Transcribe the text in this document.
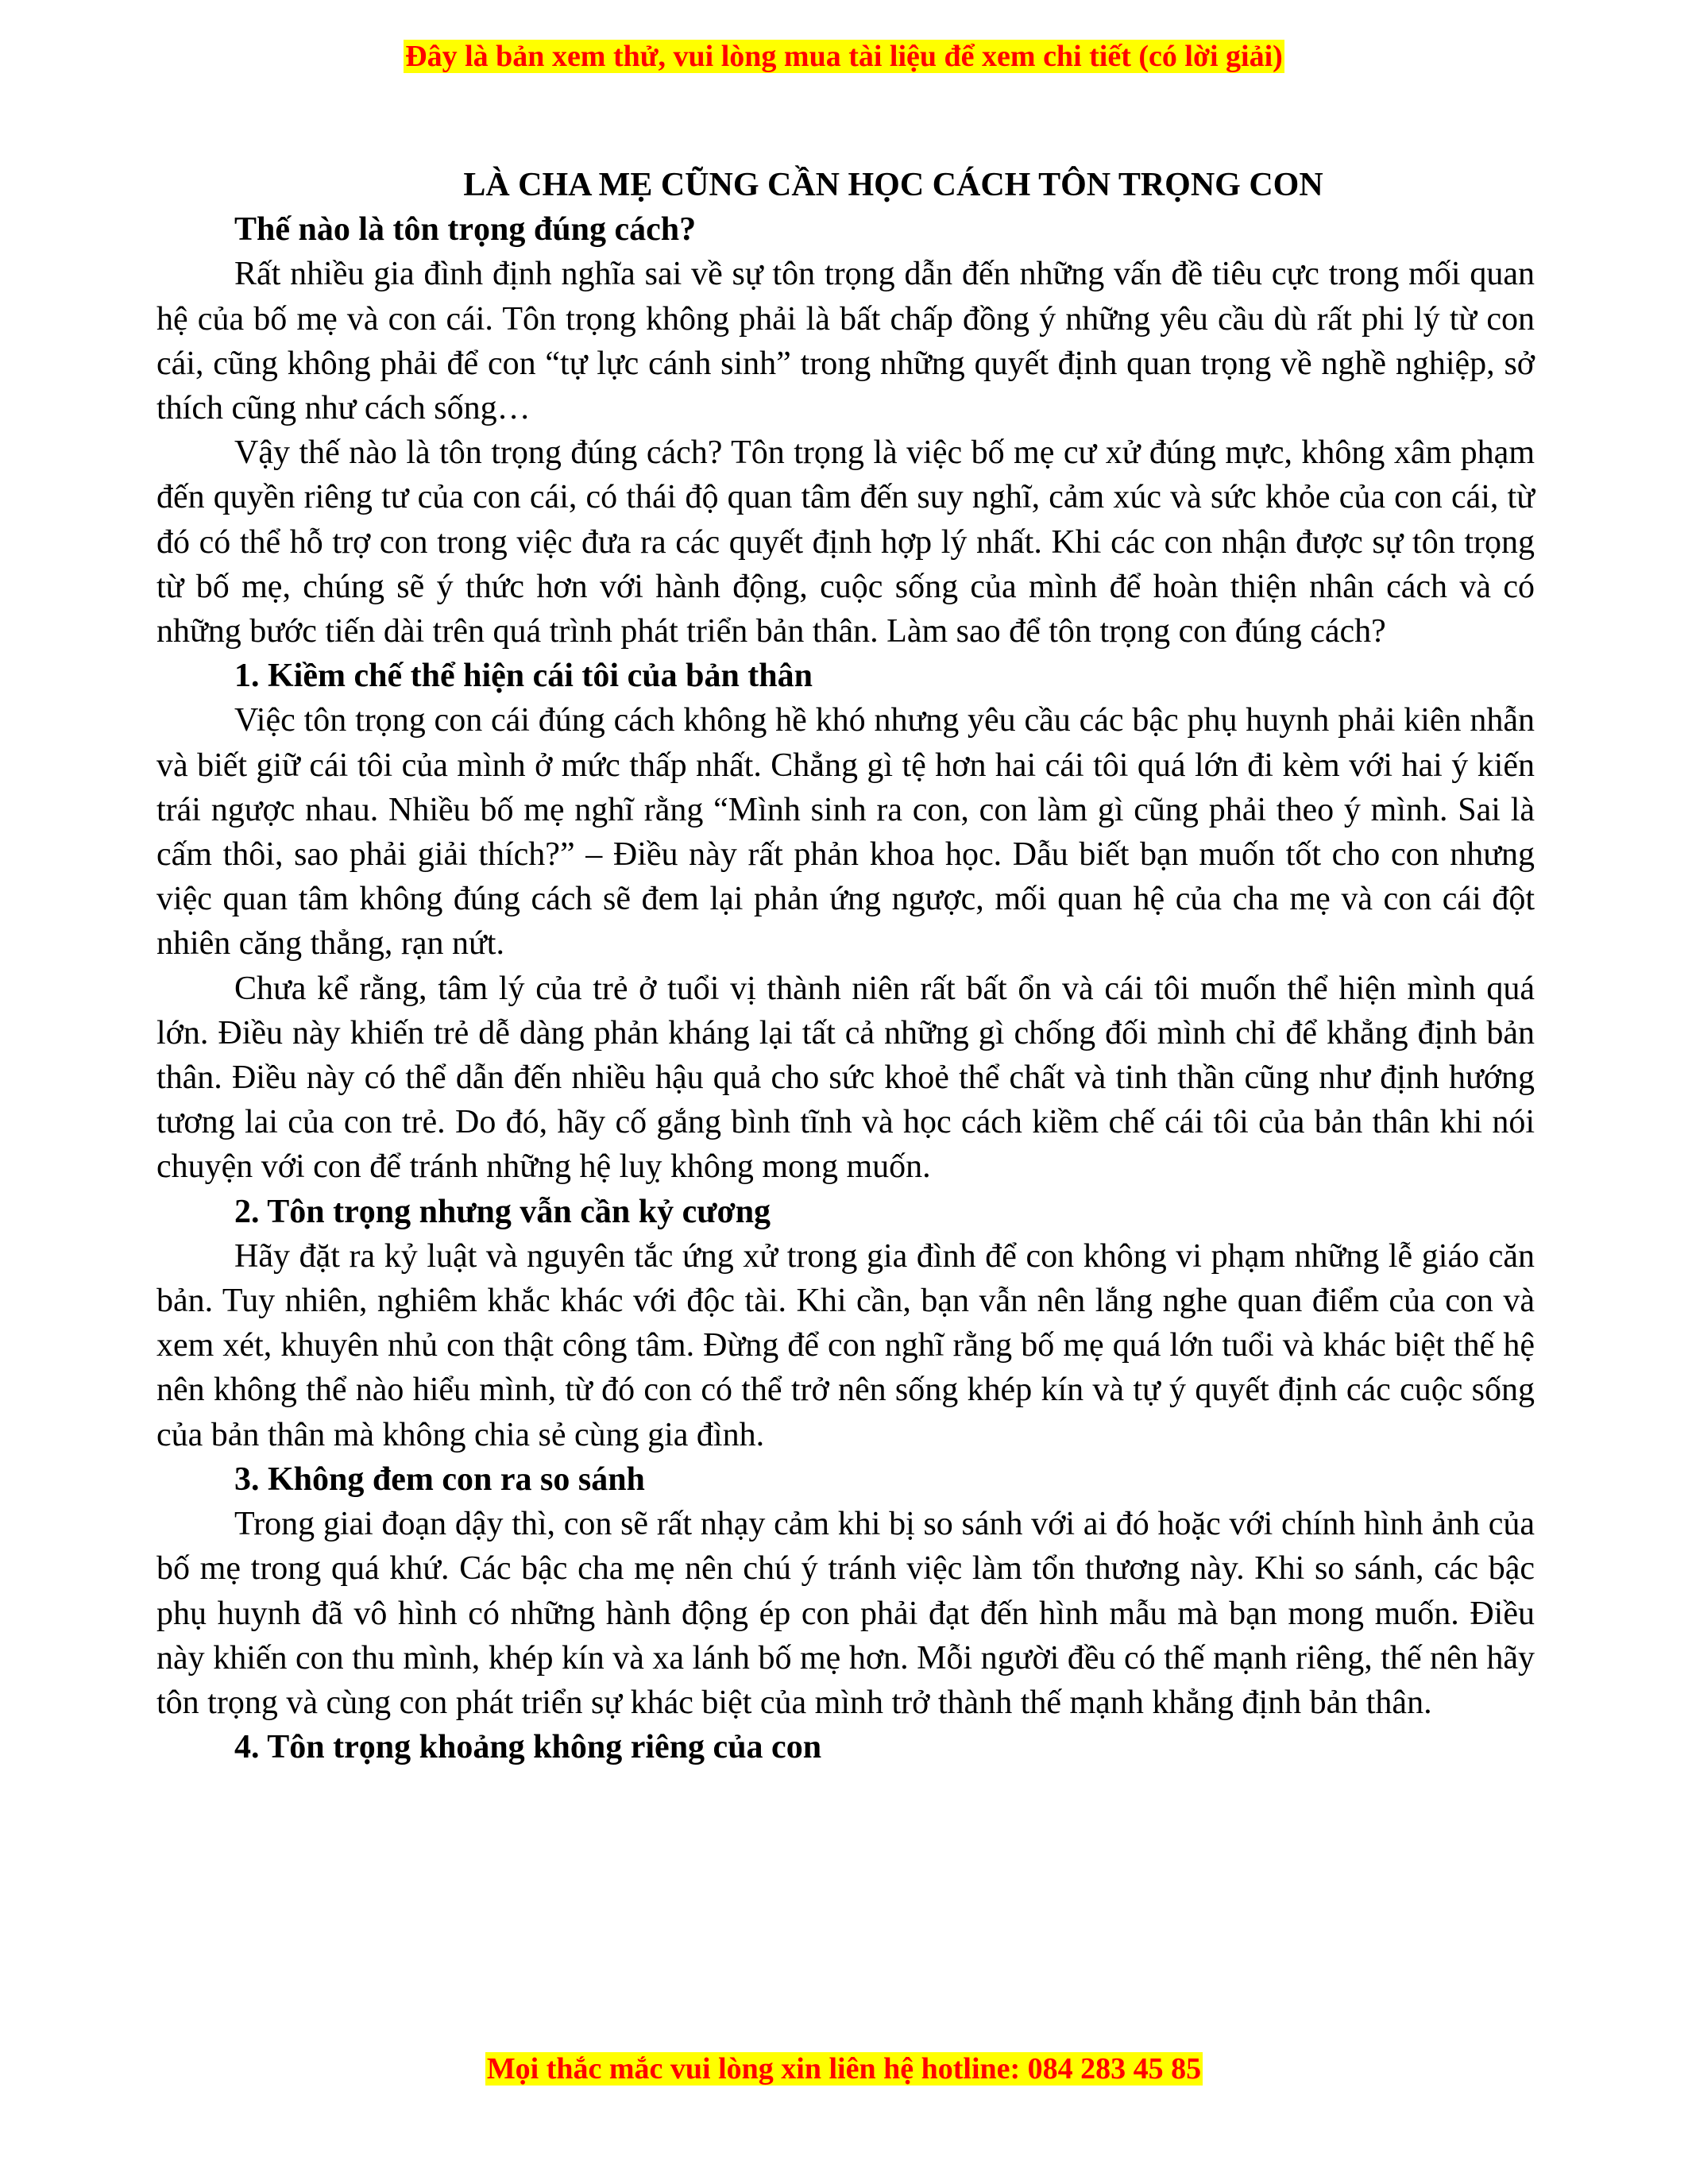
Đây là bản xem thử, vui lòng mua tài liệu để xem chi tiết (có lời giải)

LÀ CHA MẸ CŨNG CẦN HỌC CÁCH TÔN TRỌNG CON

Thế nào là tôn trọng đúng cách?

Rất nhiều gia đình định nghĩa sai về sự tôn trọng dẫn đến những vấn đề tiêu cực trong mối quan hệ của bố mẹ và con cái. Tôn trọng không phải là bất chấp đồng ý những yêu cầu dù rất phi lý từ con cái, cũng không phải để con “tự lực cánh sinh” trong những quyết định quan trọng về nghề nghiệp, sở thích cũng như cách sống…

Vậy thế nào là tôn trọng đúng cách? Tôn trọng là việc bố mẹ cư xử đúng mực, không xâm phạm đến quyền riêng tư của con cái, có thái độ quan tâm đến suy nghĩ, cảm xúc và sức khỏe của con cái, từ đó có thể hỗ trợ con trong việc đưa ra các quyết định hợp lý nhất. Khi các con nhận được sự tôn trọng từ bố mẹ, chúng sẽ ý thức hơn với hành động, cuộc sống của mình để hoàn thiện nhân cách và có những bước tiến dài trên quá trình phát triển bản thân. Làm sao để tôn trọng con đúng cách?

1. Kiềm chế thể hiện cái tôi của bản thân

Việc tôn trọng con cái đúng cách không hề khó nhưng yêu cầu các bậc phụ huynh phải kiên nhẫn và biết giữ cái tôi của mình ở mức thấp nhất. Chẳng gì tệ hơn hai cái tôi quá lớn đi kèm với hai ý kiến trái ngược nhau. Nhiều bố mẹ nghĩ rằng “Mình sinh ra con, con làm gì cũng phải theo ý mình. Sai là cấm thôi, sao phải giải thích?” – Điều này rất phản khoa học. Dẫu biết bạn muốn tốt cho con nhưng việc quan tâm không đúng cách sẽ đem lại phản ứng ngược, mối quan hệ của cha mẹ và con cái đột nhiên căng thẳng, rạn nứt.

Chưa kể rằng, tâm lý của trẻ ở tuổi vị thành niên rất bất ổn và cái tôi muốn thể hiện mình quá lớn. Điều này khiến trẻ dễ dàng phản kháng lại tất cả những gì chống đối mình chỉ để khẳng định bản thân. Điều này có thể dẫn đến nhiều hậu quả cho sức khoẻ thể chất và tinh thần cũng như định hướng tương lai của con trẻ. Do đó, hãy cố gắng bình tĩnh và học cách kiềm chế cái tôi của bản thân khi nói chuyện với con để tránh những hệ luỵ không mong muốn.

2. Tôn trọng nhưng vẫn cần kỷ cương

Hãy đặt ra kỷ luật và nguyên tắc ứng xử trong gia đình để con không vi phạm những lễ giáo căn bản. Tuy nhiên, nghiêm khắc khác với độc tài. Khi cần, bạn vẫn nên lắng nghe quan điểm của con và xem xét, khuyên nhủ con thật công tâm. Đừng để con nghĩ rằng bố mẹ quá lớn tuổi và khác biệt thế hệ nên không thể nào hiểu mình, từ đó con có thể trở nên sống khép kín và tự ý quyết định các cuộc sống của bản thân mà không chia sẻ cùng gia đình.

3. Không đem con ra so sánh

Trong giai đoạn dậy thì, con sẽ rất nhạy cảm khi bị so sánh với ai đó hoặc với chính hình ảnh của bố mẹ trong quá khứ. Các bậc cha mẹ nên chú ý tránh việc làm tổn thương này. Khi so sánh, các bậc phụ huynh đã vô hình có những hành động ép con phải đạt đến hình mẫu mà bạn mong muốn. Điều này khiến con thu mình, khép kín và xa lánh bố mẹ hơn. Mỗi người đều có thế mạnh riêng, thế nên hãy tôn trọng và cùng con phát triển sự khác biệt của mình trở thành thế mạnh khẳng định bản thân.

4. Tôn trọng khoảng không riêng của con

Mọi thắc mắc vui lòng xin liên hệ hotline: 084 283 45 85
